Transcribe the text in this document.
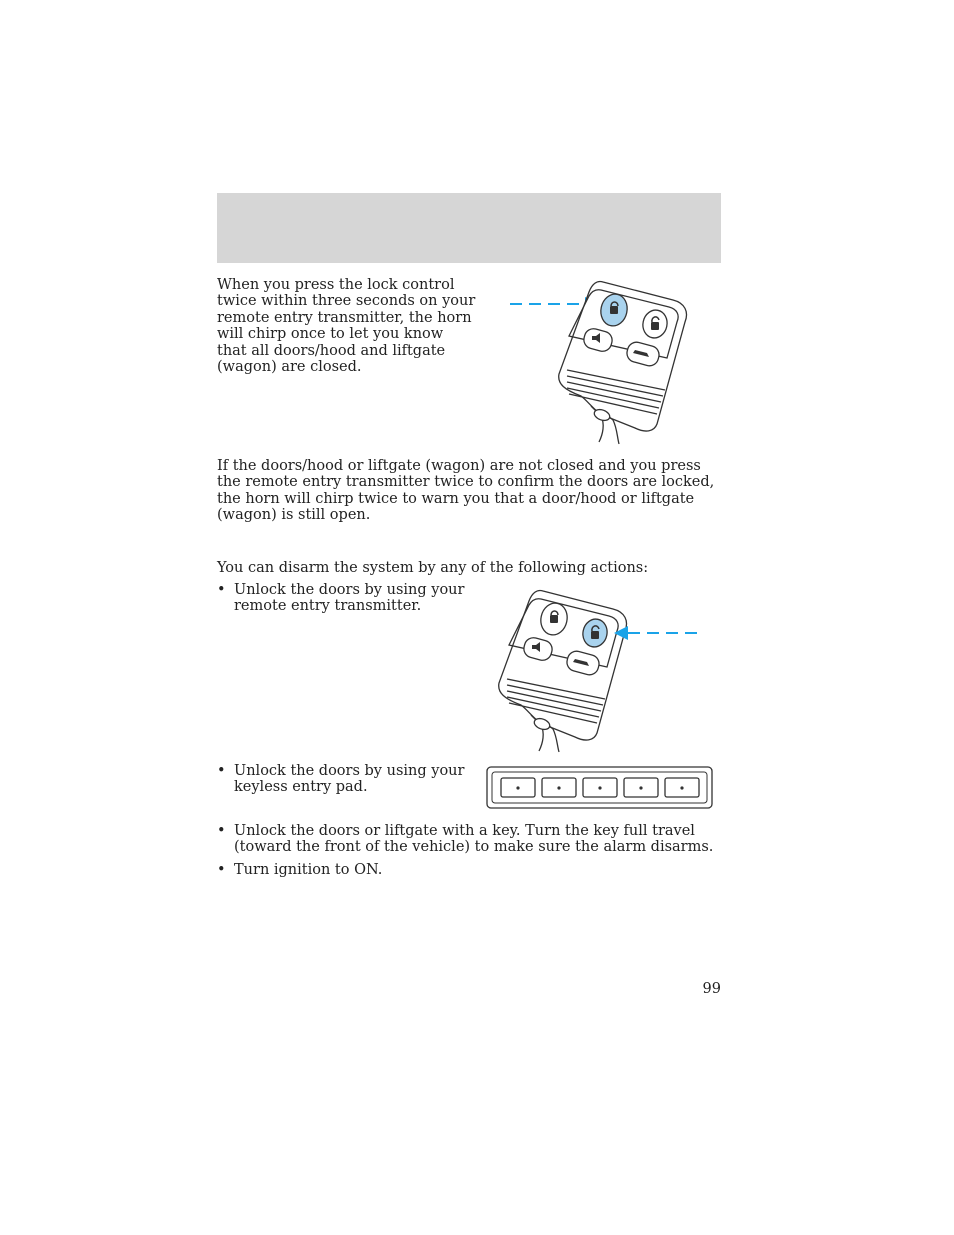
When you press the lock control twice within three seconds on your remote entry transmitter, the horn will chirp once to let you know that all doors/hood and liftgate (wagon) are closed.

If the doors/hood or liftgate (wagon) are not closed and you press the remote entry transmitter twice to confirm the doors are locked, the horn will chirp twice to warn you that a door/hood or liftgate (wagon) is still open.

You can disarm the system by any of the following actions:

• Unlock the doors by using your remote entry transmitter.
• Unlock the doors by using your keyless entry pad.
• Unlock the doors or liftgate with a key. Turn the key full travel (toward the front of the vehicle) to make sure the alarm disarms.
• Turn ignition to ON.
99
